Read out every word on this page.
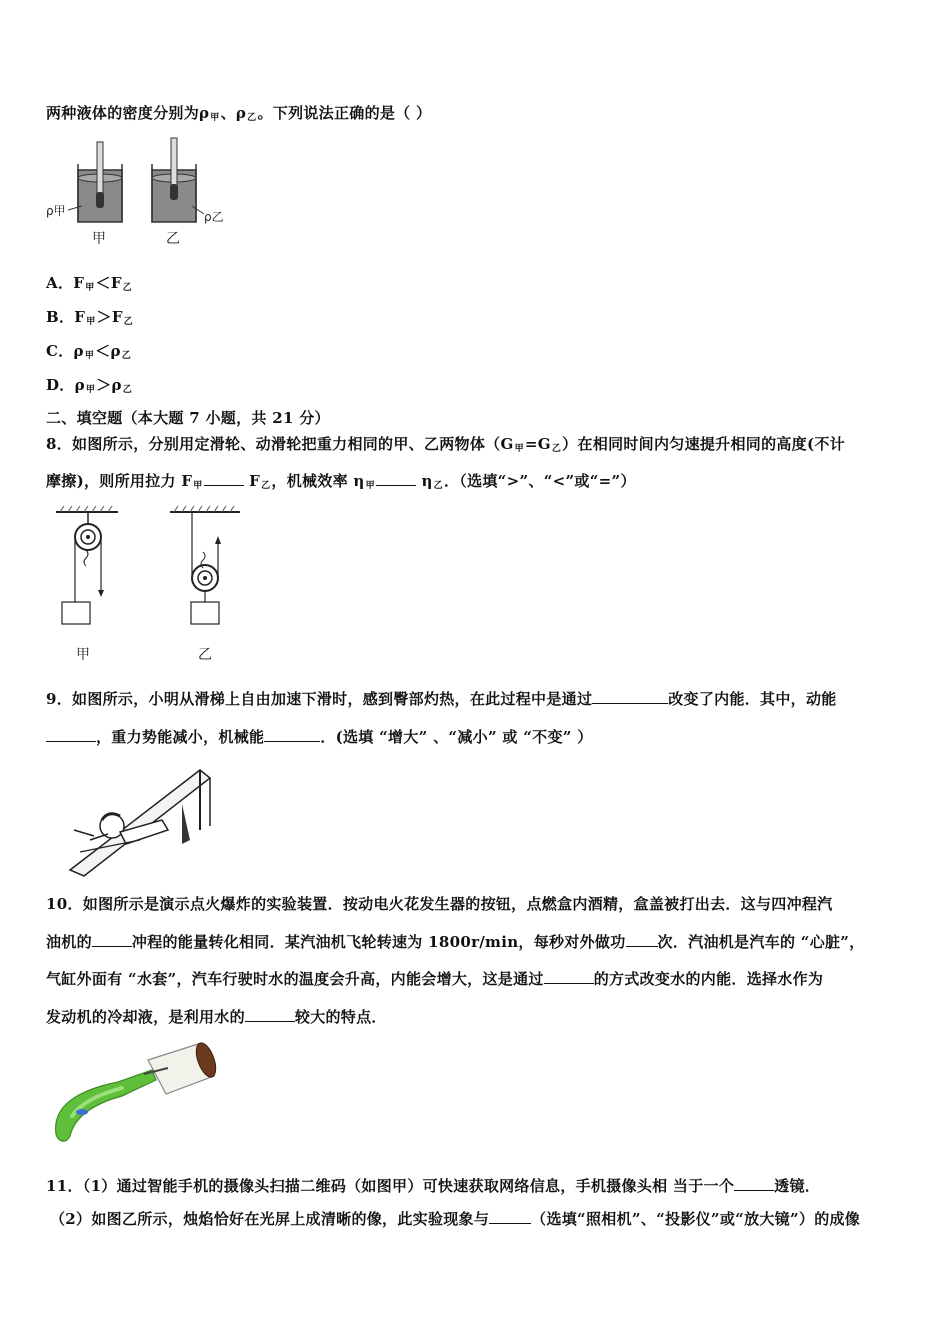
两种液体的密度分别为ρ甲、ρ乙。下列说法正确的是（ ）
ρ甲	ρ乙
甲	乙
A．F甲＜F乙
B．F甲＞F乙
C．ρ甲＜ρ乙
D．ρ甲＞ρ乙
二、填空题（本大题 7 小题，共 21 分）
8．如图所示，分别用定滑轮、动滑轮把重力相同的甲、乙两物体（G甲=G乙）在相同时间内匀速提升相同的高度(不计
摩擦)，则所用拉力 F甲	F乙，机械效率 η甲	η乙．（选填“>”、“<”或“=”）
甲	乙
9．如图所示，小明从滑梯上自由加速下滑时，感到臀部灼热，在此过程中是通过	改变了内能．其中，动能
，重力势能减小，机械能	．(选填 “增大” 、“减小” 或 “不变” ）
10．如图所示是演示点火爆炸的实验装置．按动电火花发生器的按钮，点燃盒内酒精，盒盖被打出去．这与四冲程汽
油机的	冲程的能量转化相同．某汽油机飞轮转速为 1800r/min，每秒对外做功 次．汽油机是汽车的 “心脏”，
气缸外面有 “水套”，汽车行驶时水的温度会升高，内能会增大，这是通过	的方式改变水的内能．选择水作为
发动机的冷却液，是利用水的	较大的特点．
11．（1）通过智能手机的摄像头扫描二维码（如图甲）可快速获取网络信息，手机摄像头相 当于一个	透镜．
（2）如图乙所示，烛焰恰好在光屏上成清晰的像，此实验现象与	（选填“照相机”、“投影仪”或“放大镜”）的成像
